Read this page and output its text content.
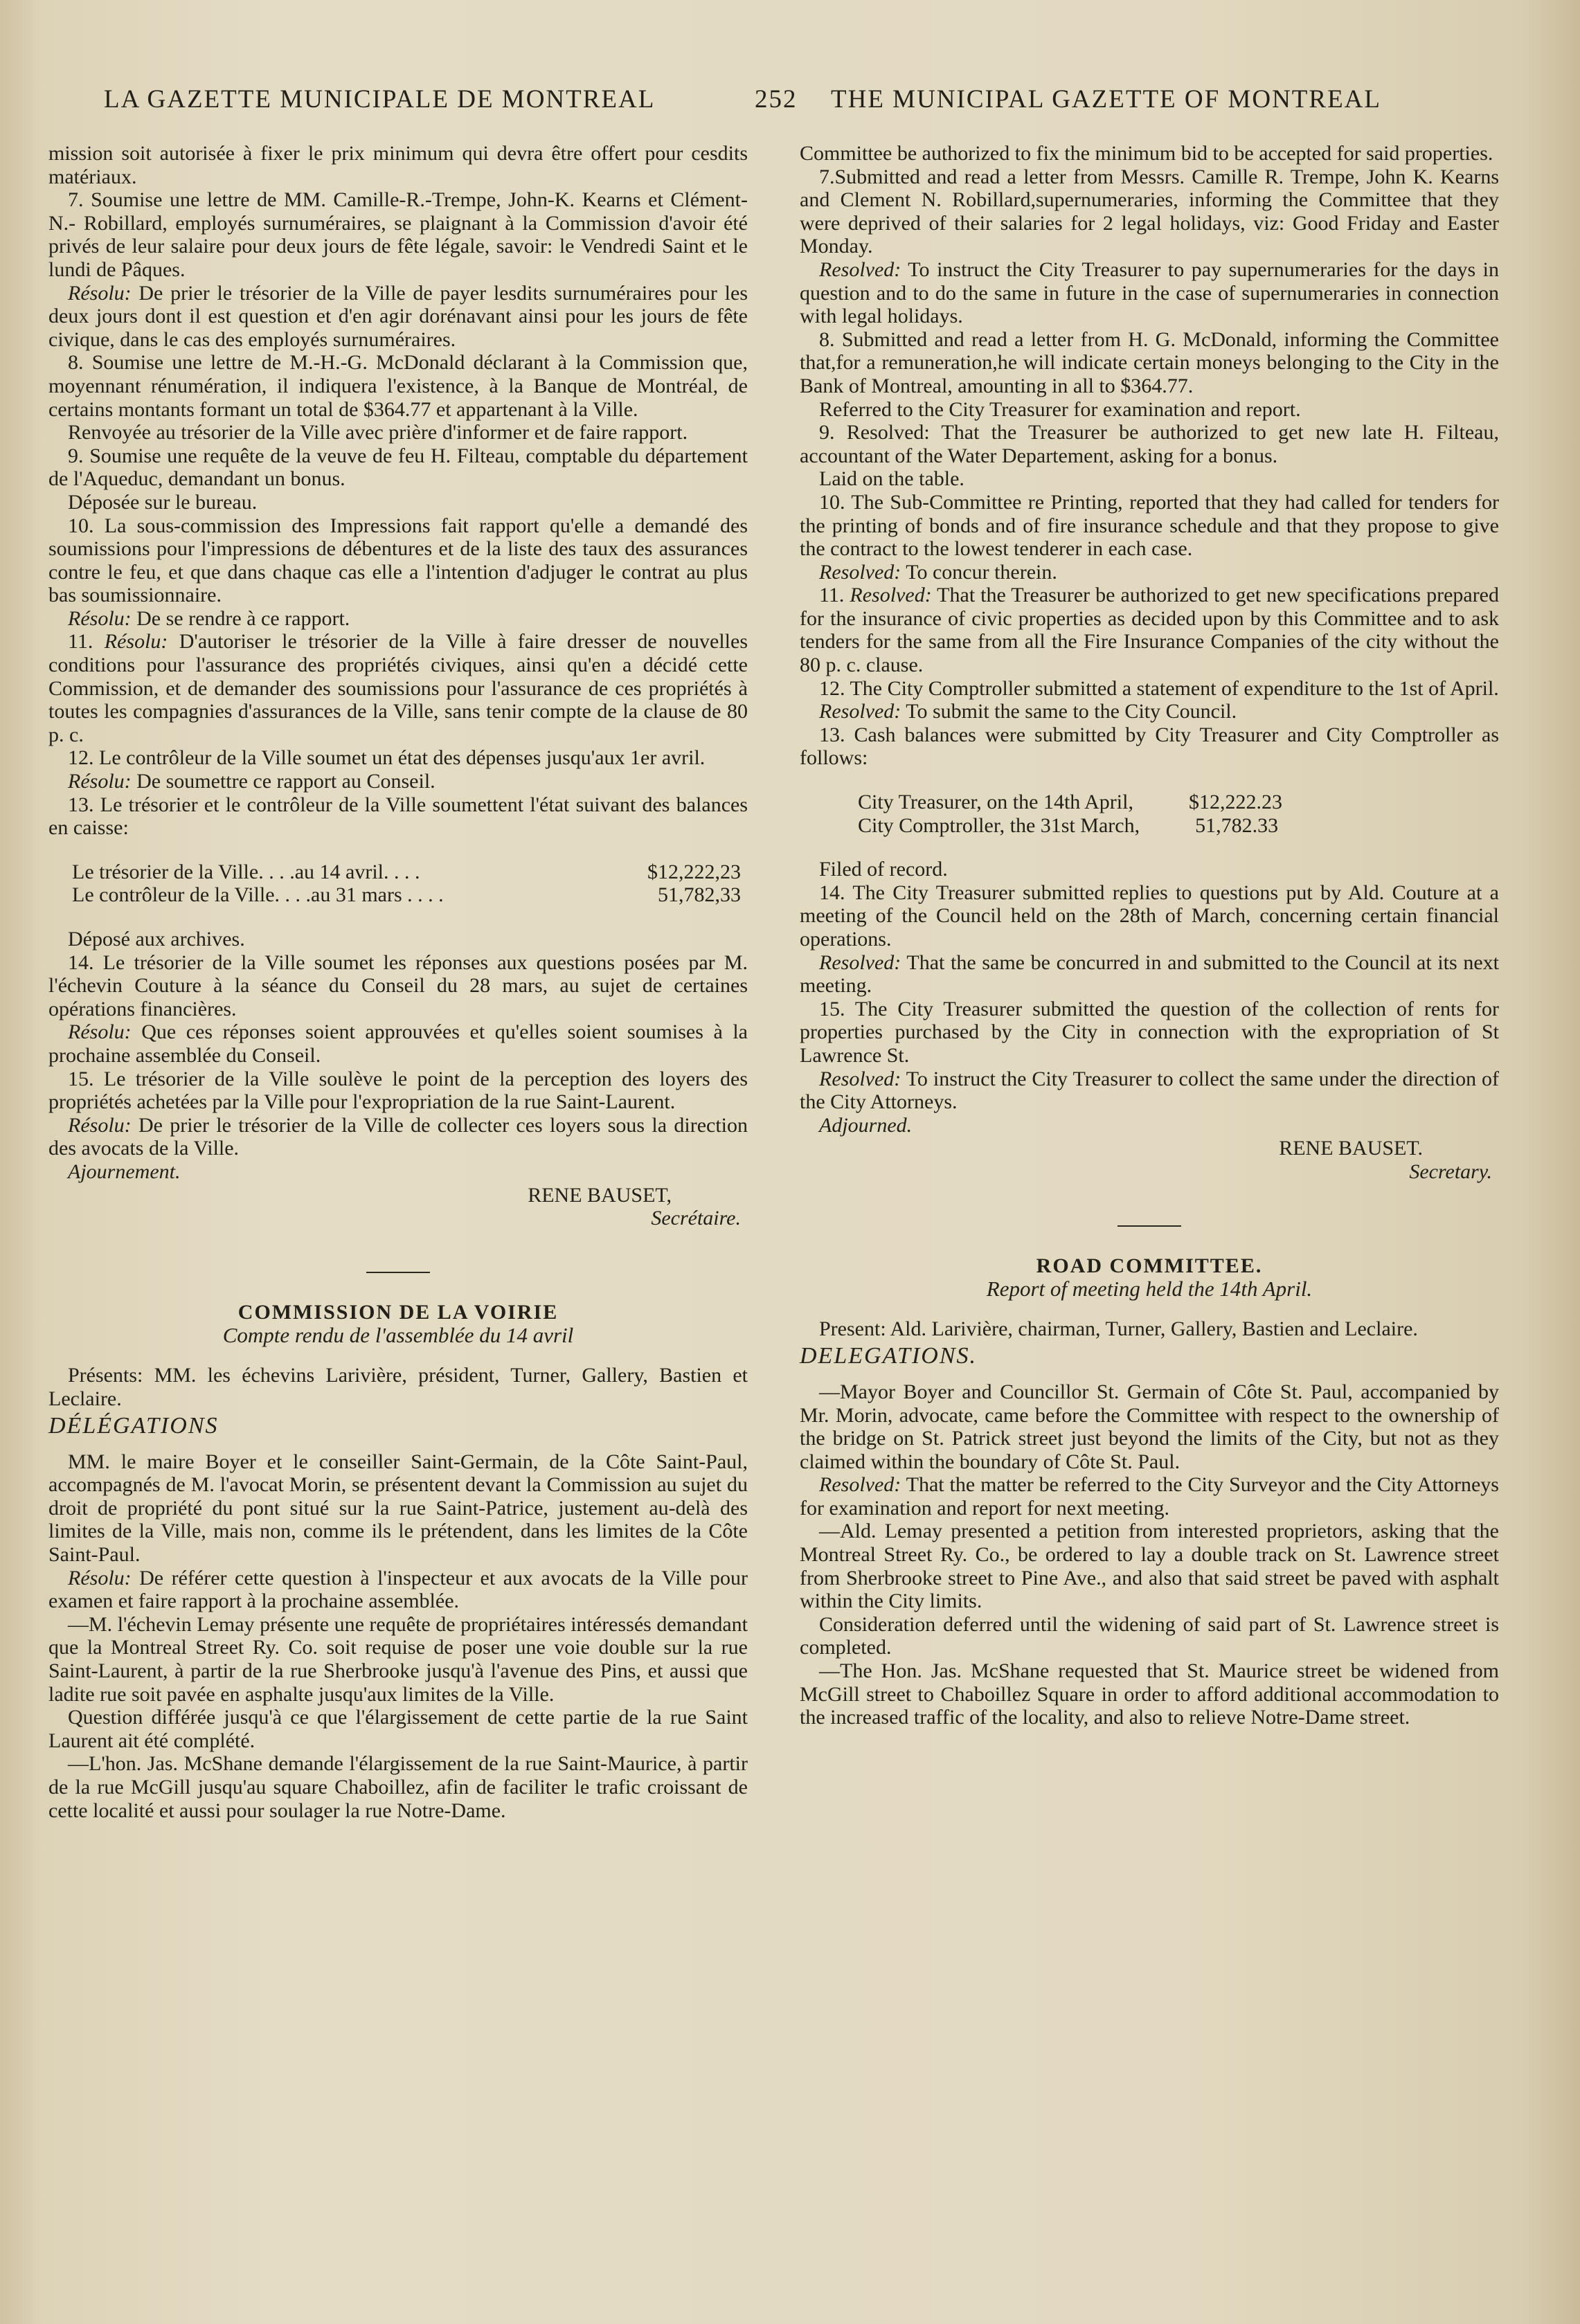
LA GAZETTE MUNICIPALE DE MONTREAL	252 THE MUNICIPAL GAZETTE OF MONTREAL

mission soit autorisée à fixer le prix minimum qui devra être offert pour cesdits matériaux.

7. Soumise une lettre de MM. Camille-R.-Trempe, John-K. Kearns et Clément-N.- Robillard, employés surnuméraires, se plaignant à la Commission d'avoir été privés de leur salaire pour deux jours de fête légale, savoir: le Vendredi Saint et le lundi de Pâques.

Résolu: De prier le trésorier de la Ville de payer lesdits surnuméraires pour les deux jours dont il est question et d'en agir dorénavant ainsi pour les jours de fête civique, dans le cas des employés surnuméraires.

8. Soumise une lettre de M.-H.-G. McDonald déclarant à la Commission que, moyennant rénumération, il indiquera l'existence, à la Banque de Montréal, de certains montants formant un total de $364.77 et appartenant à la Ville.

Renvoyée au trésorier de la Ville avec prière d'informer et de faire rapport.

9. Soumise une requête de la veuve de feu H. Filteau, comptable du département de l'Aqueduc, demandant un bonus.

Déposée sur le bureau.

10. La sous-commission des Impressions fait rapport qu'elle a demandé des soumissions pour l'impressions de débentures et de la liste des taux des assurances contre le feu, et que dans chaque cas elle a l'intention d'adjuger le contrat au plus bas soumissionnaire.

Résolu: De se rendre à ce rapport.

11. Résolu: D'autoriser le trésorier de la Ville à faire dresser de nouvelles conditions pour l'assurance des propriétés civiques, ainsi qu'en a décidé cette Commission, et de demander des soumissions pour l'assurance de ces propriétés à toutes les compagnies d'assurances de la Ville, sans tenir compte de la clause de 80 p. c.

12. Le contrôleur de la Ville soumet un état des dépenses jusqu'aux 1er avril.

Résolu: De soumettre ce rapport au Conseil.

13. Le trésorier et le contrôleur de la Ville soumettent l'état suivant des balances en caisse:

Le trésorier de la Ville. . . .au 14 avril. . . .	$12,222,23
Le contrôleur de la Ville. . . .au 31 mars . . . .	51,782,33

Déposé aux archives.

14. Le trésorier de la Ville soumet les réponses aux questions posées par M. l'échevin Couture à la séance du Conseil du 28 mars, au sujet de certaines opérations financières.

Résolu: Que ces réponses soient approuvées et qu'elles soient soumises à la prochaine assemblée du Conseil.

15. Le trésorier de la Ville soulève le point de la perception des loyers des propriétés achetées par la Ville pour l'expropriation de la rue Saint-Laurent.

Résolu: De prier le trésorier de la Ville de collecter ces loyers sous la direction des avocats de la Ville.

Ajournement.

RENE BAUSET,
Secrétaire.
COMMISSION DE LA VOIRIE
Compte rendu de l'assemblée du 14 avril

Présents: MM. les échevins Larivière, président, Turner, Gallery, Bastien et Leclaire.

DÉLÉGATIONS

MM. le maire Boyer et le conseiller Saint-Germain, de la Côte Saint-Paul, accompagnés de M. l'avocat Morin, se présentent devant la Commission au sujet du droit de propriété du pont situé sur la rue Saint-Patrice, justement au-delà des limites de la Ville, mais non, comme ils le prétendent, dans les limites de la Côte Saint-Paul.

Résolu: De référer cette question à l'inspecteur et aux avocats de la Ville pour examen et faire rapport à la prochaine assemblée.

—M. l'échevin Lemay présente une requête de propriétaires intéressés demandant que la Montreal Street Ry. Co. soit requise de poser une voie double sur la rue Saint-Laurent, à partir de la rue Sherbrooke jusqu'à l'avenue des Pins, et aussi que ladite rue soit pavée en asphalte jusqu'aux limites de la Ville.

Question différée jusqu'à ce que l'élargissement de cette partie de la rue Saint Laurent ait été complété.

—L'hon. Jas. McShane demande l'élargissement de la rue Saint-Maurice, à partir de la rue McGill jusqu'au square Chaboillez, afin de faciliter le trafic croissant de cette localité et aussi pour soulager la rue Notre-Dame.

Committee be authorized to fix the minimum bid to be accepted for said properties.

7.Submitted and read a letter from Messrs. Camille R. Trempe, John K. Kearns and Clement N. Robillard,supernumeraries, informing the Committee that they were deprived of their salaries for 2 legal holidays, viz: Good Friday and Easter Monday.

Resolved: To instruct the City Treasurer to pay supernumeraries for the days in question and to do the same in future in the case of supernumeraries in connection with legal holidays.

8. Submitted and read a letter from H. G. McDonald, informing the Committee that,for a remuneration,he will indicate certain moneys belonging to the City in the Bank of Montreal, amounting in all to $364.77.

Referred to the City Treasurer for examination and report.

9. Resolved: That the Treasurer be authorized to get new late H. Filteau, accountant of the Water Departement, asking for a bonus.

Laid on the table.

10. The Sub-Committee re Printing, reported that they had called for tenders for the printing of bonds and of fire insurance schedule and that they propose to give the contract to the lowest tenderer in each case.

Resolved: To concur therein.

11. Resolved: That the Treasurer be authorized to get new specifications prepared for the insurance of civic properties as decided upon by this Committee and to ask tenders for the same from all the Fire Insurance Companies of the city without the 80 p. c. clause.

12. The City Comptroller submitted a statement of expenditure to the 1st of April.

Resolved: To submit the same to the City Council.

13. Cash balances were submitted by City Treasurer and City Comptroller as follows:

City Treasurer, on the 14th April,	$12,222.23
City Comptroller, the 31st March,	51,782.33

Filed of record.

14. The City Treasurer submitted replies to questions put by Ald. Couture at a meeting of the Council held on the 28th of March, concerning certain financial operations.

Resolved: That the same be concurred in and submitted to the Council at its next meeting.

15. The City Treasurer submitted the question of the collection of rents for properties purchased by the City in connection with the expropriation of St Lawrence St.

Resolved: To instruct the City Treasurer to collect the same under the direction of the City Attorneys.

Adjourned.

RENE BAUSET.
Secretary.
ROAD COMMITTEE.
Report of meeting held the 14th April.

Present: Ald. Larivière, chairman, Turner, Gallery, Bastien and Leclaire.

DELEGATIONS.

—Mayor Boyer and Councillor St. Germain of Côte St. Paul, accompanied by Mr. Morin, advocate, came before the Committee with respect to the ownership of the bridge on St. Patrick street just beyond the limits of the City, but not as they claimed within the boundary of Côte St. Paul.

Resolved: That the matter be referred to the City Surveyor and the City Attorneys for examination and report for next meeting.

—Ald. Lemay presented a petition from interested proprietors, asking that the Montreal Street Ry. Co., be ordered to lay a double track on St. Lawrence street from Sherbrooke street to Pine Ave., and also that said street be paved with asphalt within the City limits.

Consideration deferred until the widening of said part of St. Lawrence street is completed.

—The Hon. Jas. McShane requested that St. Maurice street be widened from McGill street to Chaboillez Square in order to afford additional accommodation to the increased traffic of the locality, and also to relieve Notre-Dame street.
